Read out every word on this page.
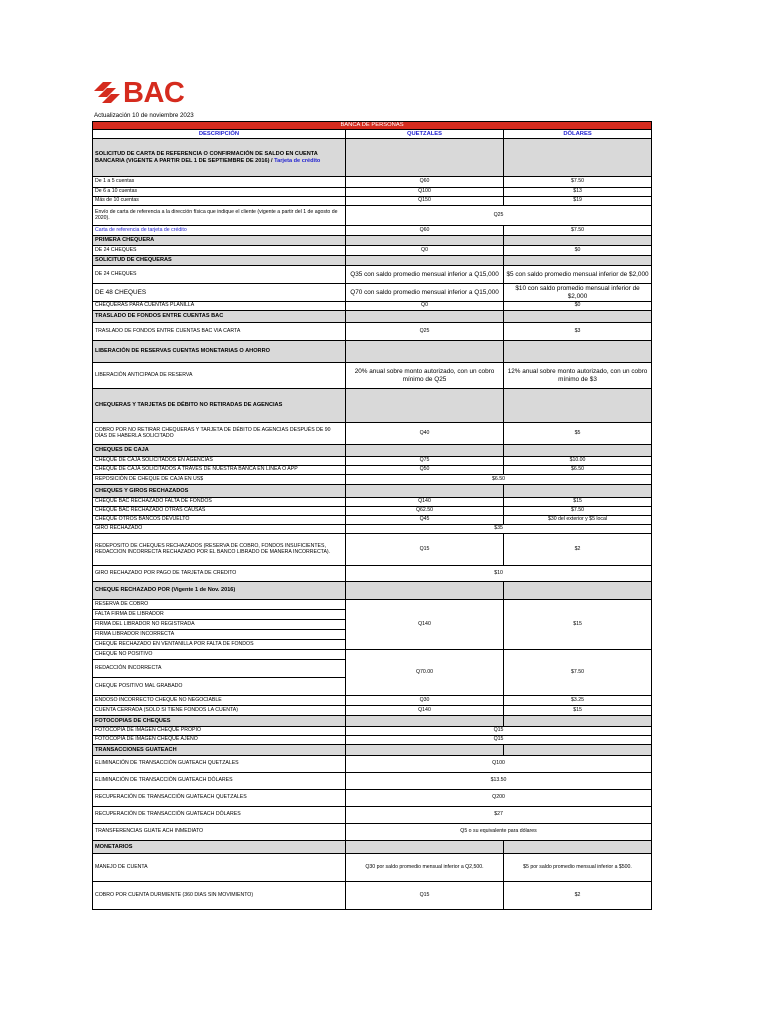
BAC
Actualización 10 de noviembre 2023
BANCA DE PERSONAS		
DESCRIPCIÓN	QUETZALES	DÓLARES
SOLICITUD DE CARTA DE REFERENCIA O CONFIRMACIÓN DE SALDO EN CUENTA BANCARIA (VIGENTE A PARTIR DEL 1 DE SEPTIEMBRE DE 2016) / Tarjeta de crédito		
De 1 a 5 cuentas	Q60	$7.50
De 6 a 10 cuentas	Q100	$13
Más de 10 cuentas	Q150	$19
Envío de carta de referencia a la dirección física que indique el cliente (vigente a partir del 1 de agosto de 2020).	Q25	
Carta de referencia de tarjeta de crédito	Q60	$7.50
PRIMERA CHEQUERA		
DE 24 CHEQUES	Q0	$0
SOLICITUD DE CHEQUERAS		
DE 24 CHEQUES	Q35 con saldo promedio mensual inferior a Q15,000	$5 con saldo promedio mensual inferior de $2,000
DE 48 CHEQUES	Q70 con saldo promedio mensual inferior a Q15,000	$10 con saldo promedio mensual inferior de $2,000
CHEQUERAS PARA CUENTAS PLANILLA	Q0	$0
TRASLADO DE FONDOS ENTRE CUENTAS BAC		
TRASLADO DE FONDOS ENTRE CUENTAS BAC VIA CARTA	Q25	$3
LIBERACIÓN DE RESERVAS CUENTAS MONETARIAS O AHORRO		
LIBERACIÓN ANTICIPADA DE RESERVA	20% anual sobre monto autorizado, con un cobro mínimo de Q25	12% anual sobre monto autorizado, con un cobro mínimo de $3
CHEQUERAS Y TARJETAS DE DÉBITO NO RETIRADAS DE AGENCIAS		
COBRO POR NO RETIRAR CHEQUERAS Y TARJETA DE DÉBITO DE AGENCIAS DESPUÉS DE 90 DÍAS DE HABERLA SOLICITADO	Q40	$5
CHEQUES DE CAJA		
CHEQUE DE CAJA SOLICITADOS EN AGENCIAS	Q75	$10.00
CHEQUE DE CAJA SOLICITADOS A TRAVÉS DE NUESTRA BANCA EN LÍNEA O APP	Q50	$6.50
REPOSICIÓN DE CHEQUE DE CAJA EN US$	$6.50	
CHEQUES Y GIROS RECHAZADOS		
CHEQUE BAC RECHAZADO FALTA DE FONDOS	Q140	$15
CHEQUE BAC RECHAZADO OTRAS CAUSAS	Q62.50	$7.50
CHEQUE OTROS BANCOS DEVUELTO	Q45	$30 del exterior y $5 local
GIRO RECHAZADO	$35	
REDEPOSITO DE CHEQUES RECHAZADOS (RESERVA DE COBRO, FONDOS INSUFICIENTES, REDACCION INCORRECTA RECHAZADO POR EL BANCO LIBRADO DE MANERA INCORRECTA).	Q15	$2
GIRO RECHAZADO POR PAGO DE TARJETA DE CREDITO	$10	
CHEQUE RECHAZADO POR (Vigente 1 de Nov. 2016)		
RESERVA DE COBRO	Q140	$15
FALTA FIRMA DE LIBRADOR		
FIRMA DEL LIBRADOR NO REGISTRADA		
FIRMA LIBRADOR INCORRECTA		
CHEQUE RECHAZADO EN VENTANILLA POR FALTA DE FONDOS		
CHEQUE NO POSITIVO	Q70.00	$7.50
REDACCIÓN INCORRECTA		
CHEQUE POSITIVO MAL GRABADO		
ENDOSO INCORRECTO CHEQUE NO NEGOCIABLE	Q30	$3.25
CUENTA CERRADA (SOLO SI TIENE FONDOS LA CUENTA)	Q140	$15
FOTOCOPIAS DE CHEQUES		
FOTOCOPIA DE IMAGEN CHEQUE PROPIO	Q15	
FOTOCOPIA DE IMAGEN CHEQUE AJENO	Q15	
TRANSACCIONES GUATEACH		
ELIMINACIÓN DE TRANSACCIÓN GUATEACH QUETZALES	Q100	
ELIMINACIÓN DE TRANSACCIÓN GUATEACH DÓLARES	$13.50	
RECUPERACIÓN DE TRANSACCIÓN GUATEACH QUETZALES	Q200	
RECUPERACIÓN DE TRANSACCIÓN GUATEACH DÓLARES	$27	
TRANSFERENCIAS GUATE ACH INMEDIATO	Q5 o su equivalente para dólares	
MONETARIOS		
MANEJO DE CUENTA	Q30 por saldo promedio mensual inferior a Q2,500.	$5 por saldo promedio mensual inferior a $500.
COBRO POR CUENTA DURMIENTE (360 DIAS SIN MOVIMIENTO)	Q15	$2
